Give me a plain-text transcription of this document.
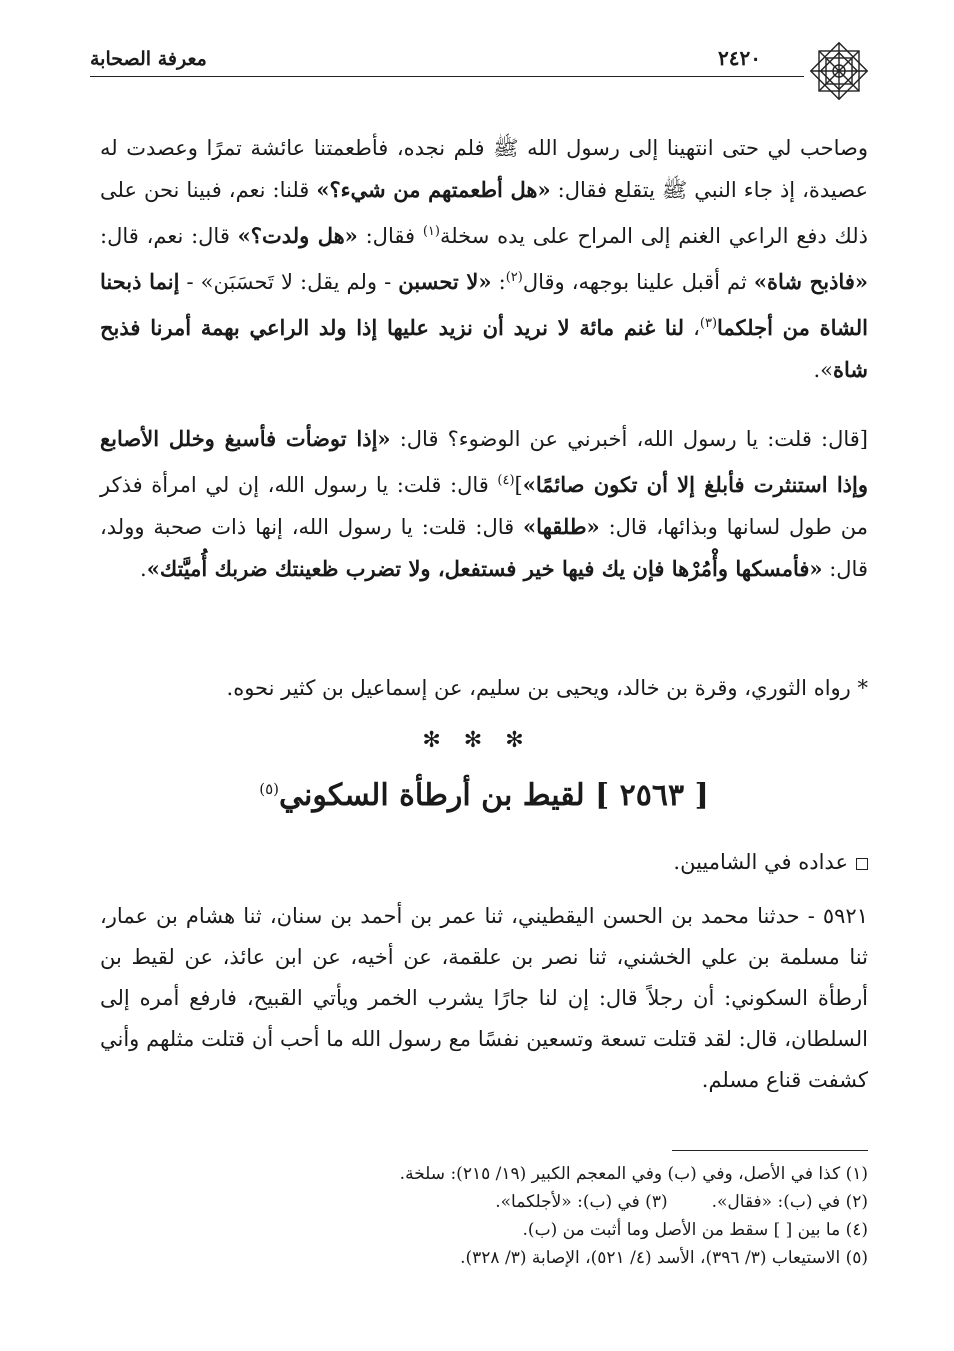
معرفة الصحابة	٢٤٢٠

وصاحب لي حتى انتهينا إلى رسول الله ﷺ فلم نجده، فأطعمتنا عائشة تمرًا وعصدت له عصيدة، إذ جاء النبي ﷺ يتقلع فقال: «هل أطعمتهم من شيء؟» قلنا: نعم، فبينا نحن على ذلك دفع الراعي الغنم إلى المراح على يده سخلة$^{(١)}$ فقال: «هل ولدت؟» قال: نعم، قال: «فاذبح شاة» ثم أقبل علينا بوجهه، وقال$^{(٢)}$: «لا تحسبن - ولم يقل: لا تَحسَبَن» - إنما ذبحنا الشاة من أجلكما$^{(٣)}$، لنا غنم مائة لا نريد أن نزيد عليها إذا ولد الراعي بهمة أمرنا فذبح شاة».

[قال: قلت: يا رسول الله، أخبرني عن الوضوء؟ قال: «إذا توضأت فأسبغ وخلل الأصابع وإذا استنثرت فأبلغ إلا أن تكون صائمًا»]$^{(٤)}$ قال: قلت: يا رسول الله، إن لي امرأة فذكر من طول لسانها وبذائها، قال: «طلقها» قال: قلت: يا رسول الله، إنها ذات صحبة وولد، قال: «فأمسكها وأْمُرْها فإن يك فيها خير فستفعل، ولا تضرب ظعينتك ضربك أُميَّتك».

* رواه الثوري، وقرة بن خالد، ويحيى بن سليم، عن إسماعيل بن كثير نحوه.

✻ ✻ ✻
[ ٢٥٦٣ ] لقيط بن أرطأة السكوني$^{(٥)}$
عداده في الشاميين.

٥٩٢١ - حدثنا محمد بن الحسن اليقطيني، ثنا عمر بن أحمد بن سنان، ثنا هشام بن عمار، ثنا مسلمة بن علي الخشني، ثنا نصر بن علقمة، عن أخيه، عن ابن عائذ، عن لقيط بن أرطأة السكوني: أن رجلاً قال: إن لنا جارًا يشرب الخمر ويأتي القبيح، فارفع أمره إلى السلطان، قال: لقد قتلت تسعة وتسعين نفسًا مع رسول الله ما أحب أن قتلت مثلهم وأني كشفت قناع مسلم.

(١) كذا في الأصل، وفي (ب) وفي المعجم الكبير (١٩/ ٢١٥): سلخة.
(٢) في (ب): «فقال».(٣) في (ب): «لأجلكما».
(٤) ما بين [ ] سقط من الأصل وما أثبت من (ب).
(٥) الاستيعاب (٣/ ٣٩٦)، الأسد (٤/ ٥٢١)، الإصابة (٣/ ٣٢٨).
